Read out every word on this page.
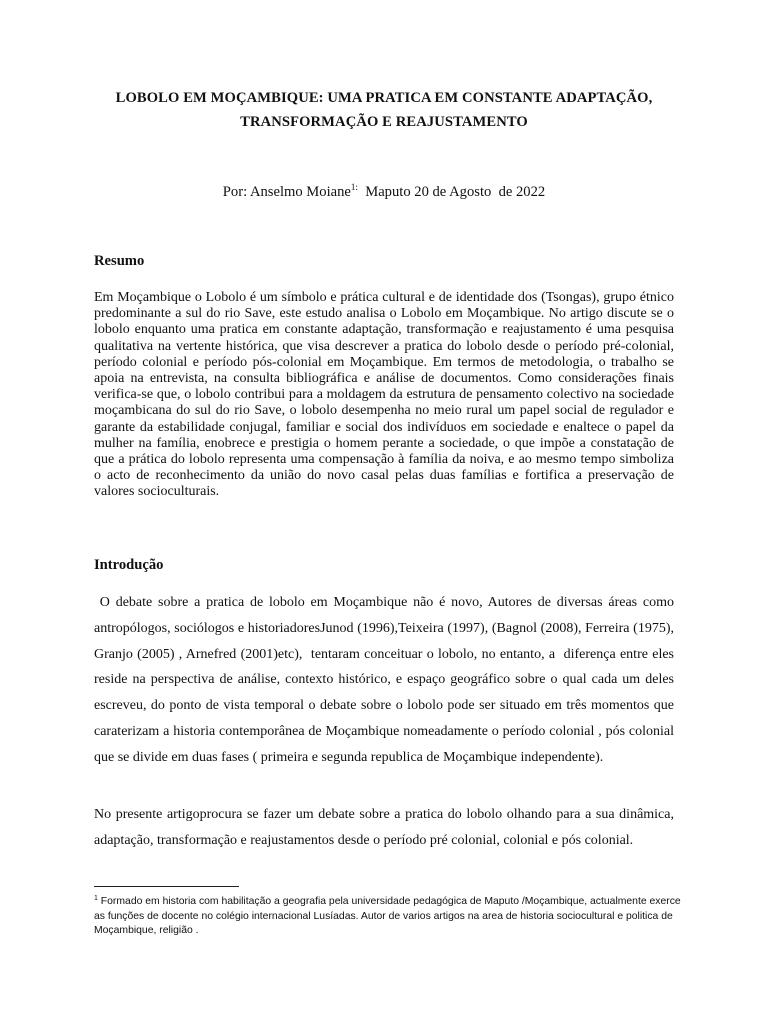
LOBOLO EM MOÇAMBIQUE: UMA PRATICA EM CONSTANTE ADAPTAÇÃO,
TRANSFORMAÇÃO E REAJUSTAMENTO
Por: Anselmo Moiane$^{1:}$  Maputo 20 de Agosto  de 2022
Resumo

Em Moçambique o Lobolo é um símbolo e prática cultural e de identidade dos (Tsongas), grupo étnico predominante a sul do rio Save, este estudo analisa o Lobolo em Moçambique. No artigo discute se o lobolo enquanto uma pratica em constante adaptação, transformação e reajustamento é uma pesquisa qualitativa na vertente histórica, que visa descrever a pratica do lobolo desde o período pré-colonial, período colonial e período pós-colonial em Moçambique. Em termos de metodologia, o trabalho se apoia na entrevista, na consulta bibliográfica e análise de documentos. Como considerações finais verifica-se que, o lobolo contribui para a moldagem da estrutura de pensamento colectivo na sociedade moçambicana do sul do rio Save, o lobolo desempenha no meio rural um papel social de regulador e garante da estabilidade conjugal, familiar e social dos indivíduos em sociedade e enaltece o papel da mulher na família, enobrece e prestigia o homem perante a sociedade, o que impõe a constatação de que a prática do lobolo representa uma compensação à família da noiva, e ao mesmo tempo simboliza o acto de reconhecimento da união do novo casal pelas duas famílias e fortifica a preservação de valores socioculturais.

Introdução

O debate sobre a pratica de lobolo em Moçambique não é novo, Autores de diversas áreas como antropólogos, sociólogos e historiadoresJunod (1996),Teixeira (1997), (Bagnol (2008), Ferreira (1975), Granjo (2005) , Arnefred (2001)etc),  tentaram conceituar o lobolo, no entanto, a  diferença entre eles reside na perspectiva de análise, contexto histórico, e espaço geográfico sobre o qual cada um deles escreveu, do ponto de vista temporal o debate sobre o lobolo pode ser situado em três momentos que caraterizam a historia contemporânea de Moçambique nomeadamente o período colonial , pós colonial que se divide em duas fases ( primeira e segunda republica de Moçambique independente).

No presente artigoprocura se fazer um debate sobre a pratica do lobolo olhando para a sua dinâmica, adaptação, transformação e reajustamentos desde o período pré colonial, colonial e pós colonial.

$^1$ Formado em historia com habilitação a geografia pela universidade pedagógica de Maputo /Moçambique, actualmente exerce as funções de docente no colégio internacional Lusíadas. Autor de varios artigos na area de historia sociocultural e politica de Moçambique, religião .
